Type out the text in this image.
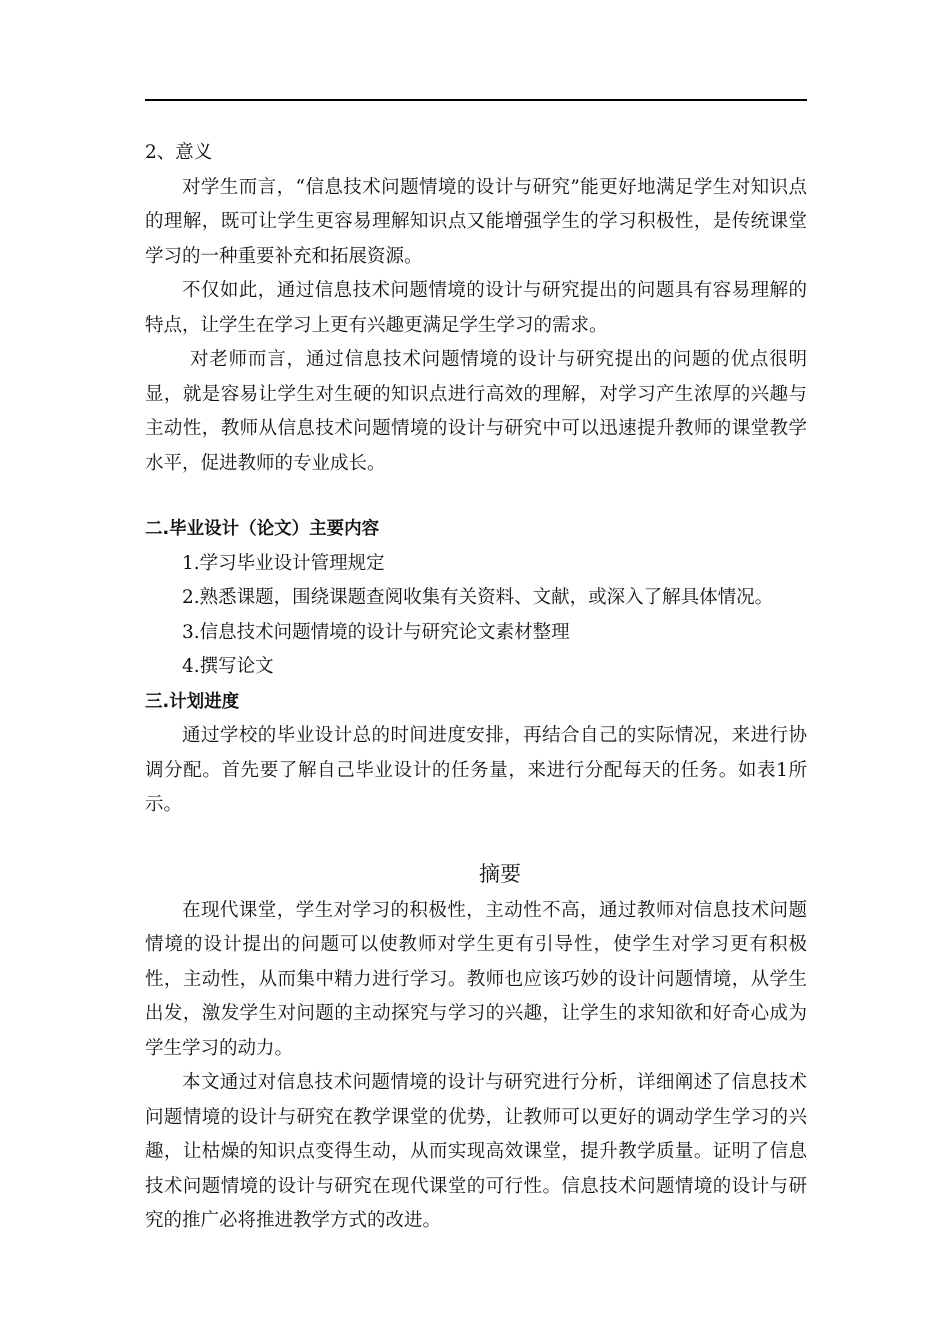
2、意义

对学生而言，“信息技术问题情境的设计与研究”能更好地满足学生对知识点的理解，既可让学生更容易理解知识点又能增强学生的学习积极性，是传统课堂学习的一种重要补充和拓展资源。

不仅如此，通过信息技术问题情境的设计与研究提出的问题具有容易理解的特点，让学生在学习上更有兴趣更满足学生学习的需求。

对老师而言，通过信息技术问题情境的设计与研究提出的问题的优点很明显，就是容易让学生对生硬的知识点进行高效的理解，对学习产生浓厚的兴趣与主动性，教师从信息技术问题情境的设计与研究中可以迅速提升教师的课堂教学水平，促进教师的专业成长。

二.毕业设计（论文）主要内容

1.学习毕业设计管理规定

2.熟悉课题，围绕课题查阅收集有关资料、文献，或深入了解具体情况。

3.信息技术问题情境的设计与研究论文素材整理

4.撰写论文

三.计划进度

通过学校的毕业设计总的时间进度安排，再结合自己的实际情况，来进行协调分配。首先要了解自己毕业设计的任务量，来进行分配每天的任务。如表1所示。

摘要

在现代课堂，学生对学习的积极性，主动性不高，通过教师对信息技术问题情境的设计提出的问题可以使教师对学生更有引导性，使学生对学习更有积极性，主动性，从而集中精力进行学习。教师也应该巧妙的设计问题情境，从学生出发，激发学生对问题的主动探究与学习的兴趣，让学生的求知欲和好奇心成为学生学习的动力。

本文通过对信息技术问题情境的设计与研究进行分析，详细阐述了信息技术问题情境的设计与研究在教学课堂的优势，让教师可以更好的调动学生学习的兴趣，让枯燥的知识点变得生动，从而实现高效课堂，提升教学质量。证明了信息技术问题情境的设计与研究在现代课堂的可行性。信息技术问题情境的设计与研究的推广必将推进教学方式的改进。
